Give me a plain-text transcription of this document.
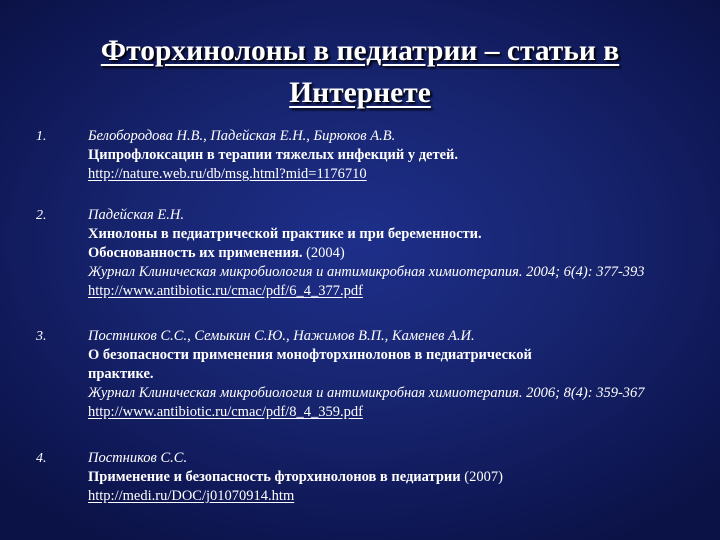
Фторхинолоны в педиатрии – статьи в
Интернете
1.	Белобородова Н.В., Падейская Е.Н., Бирюков А.В.
Ципрофлоксацин в терапии тяжелых инфекций у детей.
http://nature.web.ru/db/msg.html?mid=1176710
2.	Падейская Е.Н.
Хинолоны в педиатрической практике и при беременности.
Обоснованность их применения. (2004)
Журнал Клиническая микробиология и антимикробная химиотерапия. 2004; 6(4): 377-393
http://www.antibiotic.ru/cmac/pdf/6_4_377.pdf
3.	Постников С.С., Семыкин С.Ю., Нажимов В.П., Каменев А.И.
О безопасности применения монофторхинолонов в педиатрической
практике.
Журнал Клиническая микробиология и антимикробная химиотерапия. 2006; 8(4): 359-367
http://www.antibiotic.ru/cmac/pdf/8_4_359.pdf
4.	Постников С.С.
Применение и безопасность фторхинолонов в педиатрии (2007)
http://medi.ru/DOC/j01070914.htm
